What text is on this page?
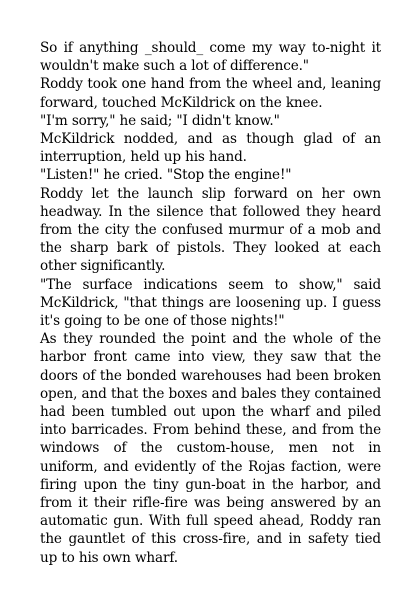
So if anything _should_ come my way to-night it wouldn't make such a lot of difference."

Roddy took one hand from the wheel and, leaning forward, touched McKildrick on the knee.

"I'm sorry," he said; "I didn't know."

McKildrick nodded, and as though glad of an interruption, held up his hand.

"Listen!" he cried. "Stop the engine!"

Roddy let the launch slip forward on her own headway. In the silence that followed they heard from the city the confused murmur of a mob and the sharp bark of pistols. They looked at each other significantly.

"The surface indications seem to show," said McKildrick, "that things are loosening up. I guess it's going to be one of those nights!"

As they rounded the point and the whole of the harbor front came into view, they saw that the doors of the bonded warehouses had been broken open, and that the boxes and bales they contained had been tumbled out upon the wharf and piled into barricades. From behind these, and from the windows of the custom-house, men not in uniform, and evidently of the Rojas faction, were firing upon the tiny gun-boat in the harbor, and from it their rifle-fire was being answered by an automatic gun. With full speed ahead, Roddy ran the gauntlet of this cross-fire, and in safety tied up to his own wharf.
